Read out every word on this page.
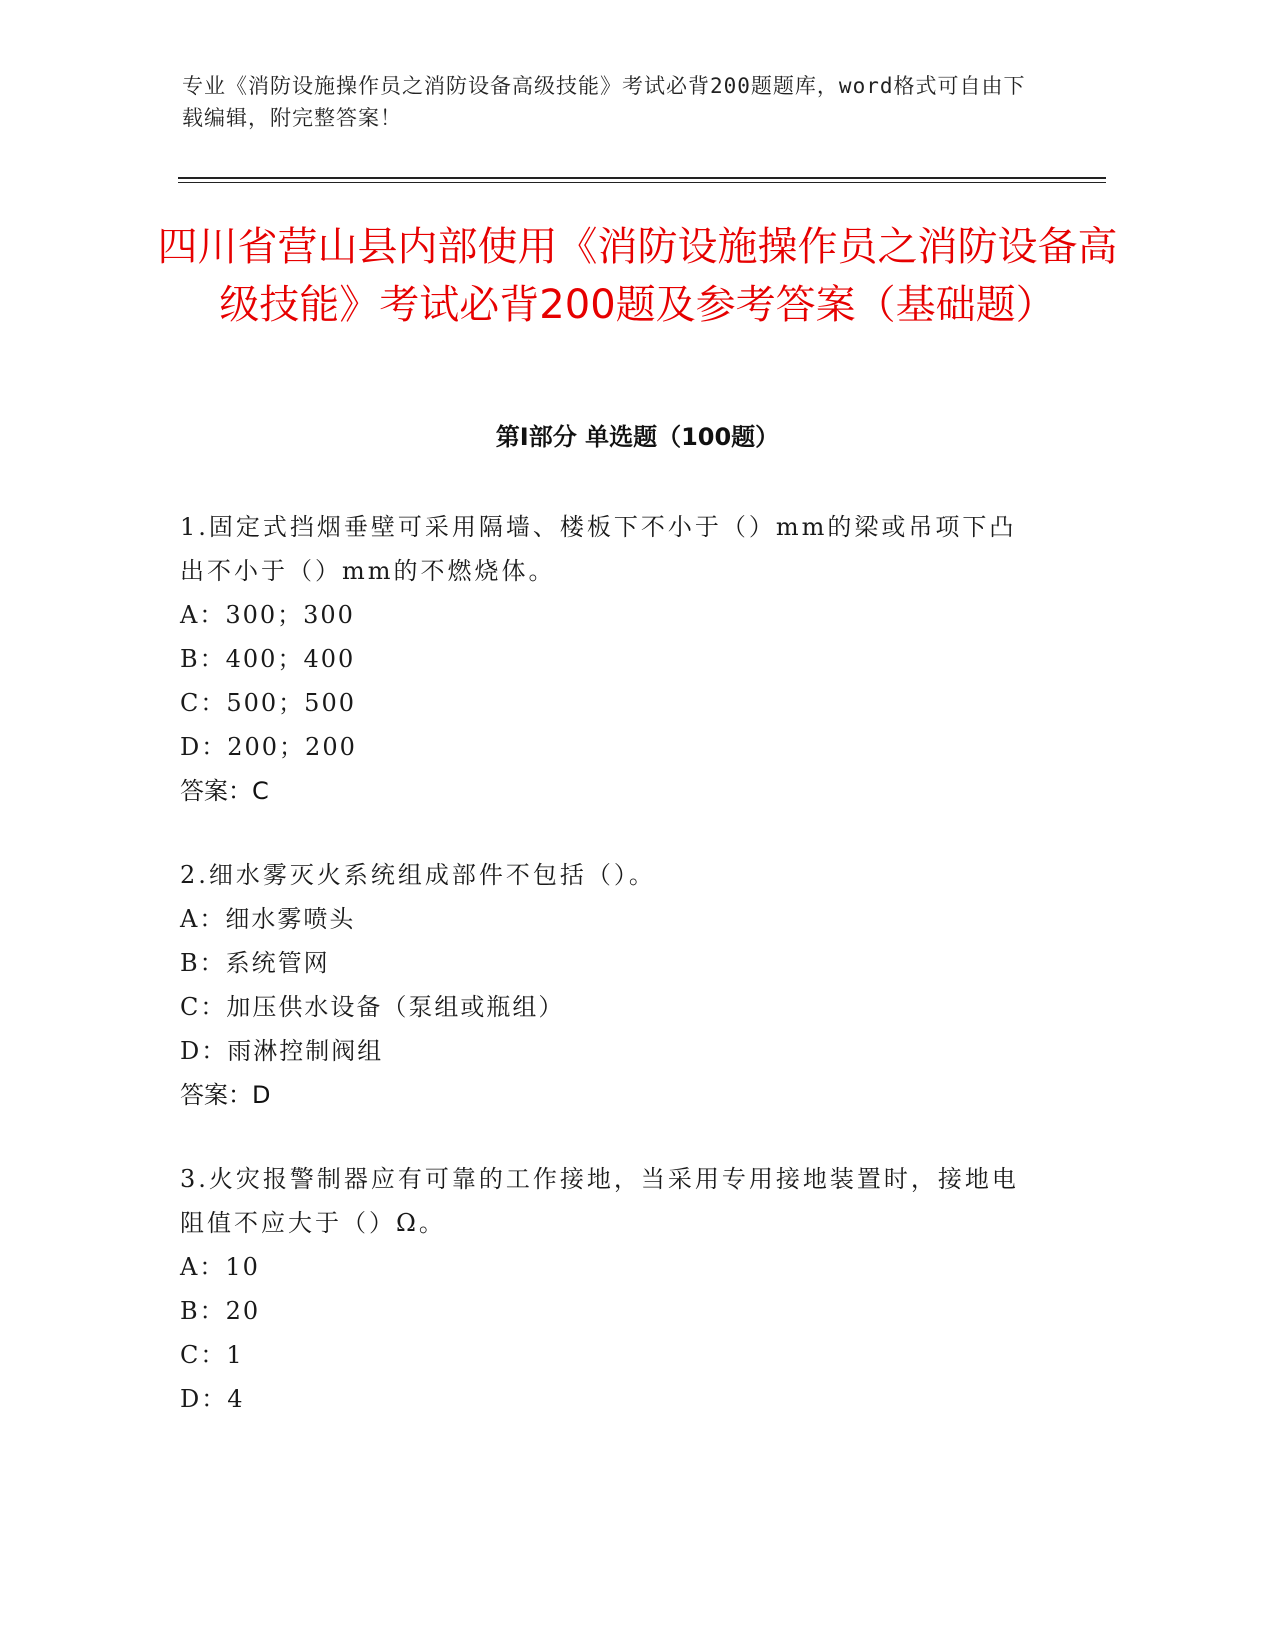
专业《消防设施操作员之消防设备高级技能》考试必背200题题库，word格式可自由下载编辑，附完整答案！
四川省营山县内部使用《消防设施操作员之消防设备高级技能》考试必背200题及参考答案（基础题）
第Ⅰ部分 单选题（100题）

1.固定式挡烟垂壁可采用隔墙、楼板下不小于（）mm的梁或吊项下凸出不小于（）mm的不燃烧体。

A：300；300

B：400；400

C：500；500

D：200；200

答案：C

2.细水雾灭火系统组成部件不包括（）。

A：细水雾喷头

B：系统管网

C：加压供水设备（泵组或瓶组）

D：雨淋控制阀组

答案：D

3.火灾报警制器应有可靠的工作接地，当采用专用接地装置时，接地电阻值不应大于（）Ω。

A：10

B：20

C：1

D：4
